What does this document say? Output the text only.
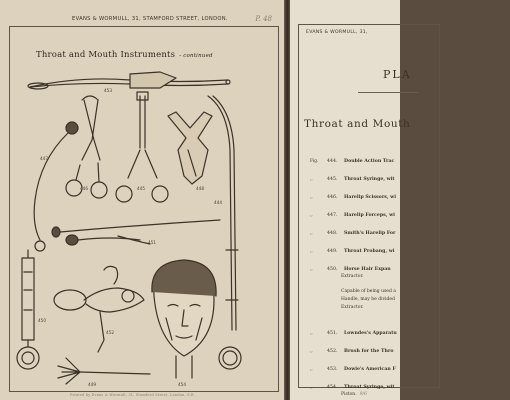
EVANS & WORMULL, 31, STAMFORD STREET, LONDON.	P. 48
Throat and Mouth Instruments - continued
453
447
446	445	448
444
451
450
452
449	454
Printed by Evans & Wormull, 31, Stamford Street, London, S.E.
EVANS & WORMULL, 31,
PLA
Throat and Mouth
Fig.	444.	Double Action Trac
,,	445.	Throat Syringe, wit
,,	446.	Harelip Scissors, wi
,,	447.	Harelip Forceps, wi
,,	448.	Smith's Harelip For
,,	449.	Throat Probang, wi
,,	450.	Horse Hair Expan
Extractor.
Capable of being used a
Handle, may be divided
Extractor.
,,	451.	Lowndes's Apparatu
,,	452.	Brush for the Thro
,,	453.	Dowie's American F
,,	454.	Throat Syringe, wit
Piston. 9/6
